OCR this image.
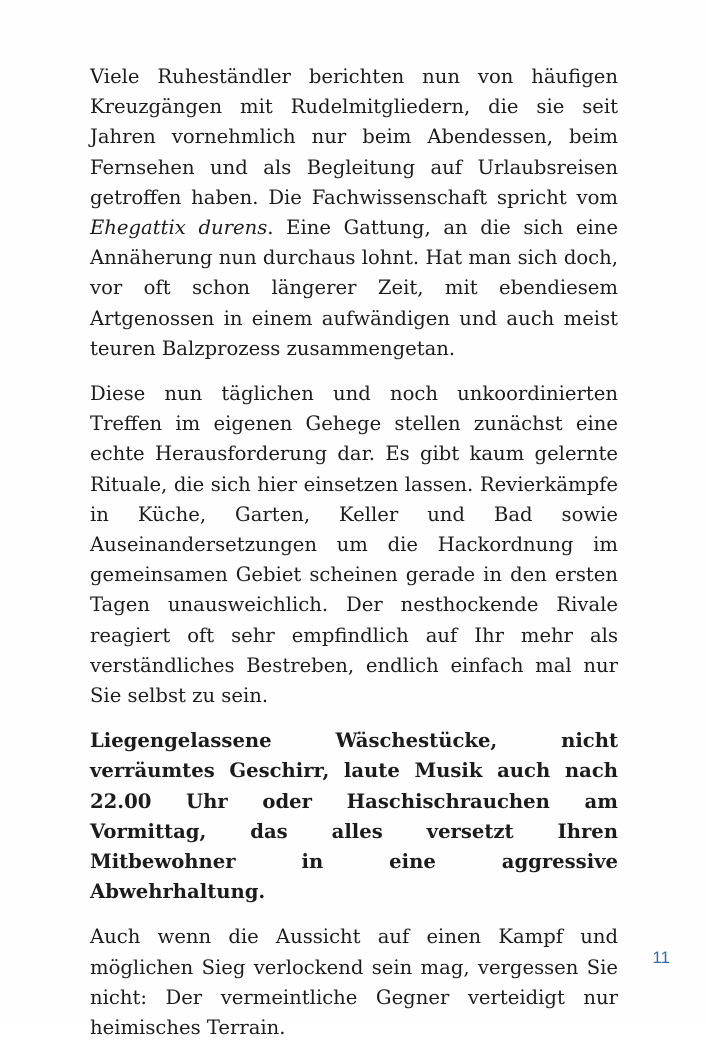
Viele Ruheständler berichten nun von häufigen Kreuzgängen mit Rudelmitgliedern, die sie seit Jahren vornehmlich nur beim Abendessen, beim Fernsehen und als Begleitung auf Urlaubsreisen getroffen haben. Die Fachwissenschaft spricht vom Ehegattix durens. Eine Gattung, an die sich eine Annäherung nun durchaus lohnt. Hat man sich doch, vor oft schon längerer Zeit, mit ebendiesem Artgenossen in einem aufwändigen und auch meist teuren Balzprozess zusammengetan.

Diese nun täglichen und noch unkoordinierten Treffen im eigenen Gehege stellen zunächst eine echte Herausforderung dar. Es gibt kaum gelernte Rituale, die sich hier einsetzen lassen. Revierkämpfe in Küche, Garten, Keller und Bad sowie Auseinandersetzungen um die Hackordnung im gemeinsamen Gebiet scheinen gerade in den ersten Tagen unausweichlich. Der nesthockende Rivale reagiert oft sehr empfindlich auf Ihr mehr als verständliches Bestreben, endlich einfach mal nur Sie selbst zu sein.

Liegengelassene Wäschestücke, nicht verräumtes Geschirr, laute Musik auch nach 22.00 Uhr oder Haschischrauchen am Vormittag, das alles versetzt Ihren Mitbewohner in eine aggressive Abwehrhaltung.

Auch wenn die Aussicht auf einen Kampf und möglichen Sieg verlockend sein mag, vergessen Sie nicht: Der vermeintliche Gegner verteidigt nur heimisches Terrain.

11
